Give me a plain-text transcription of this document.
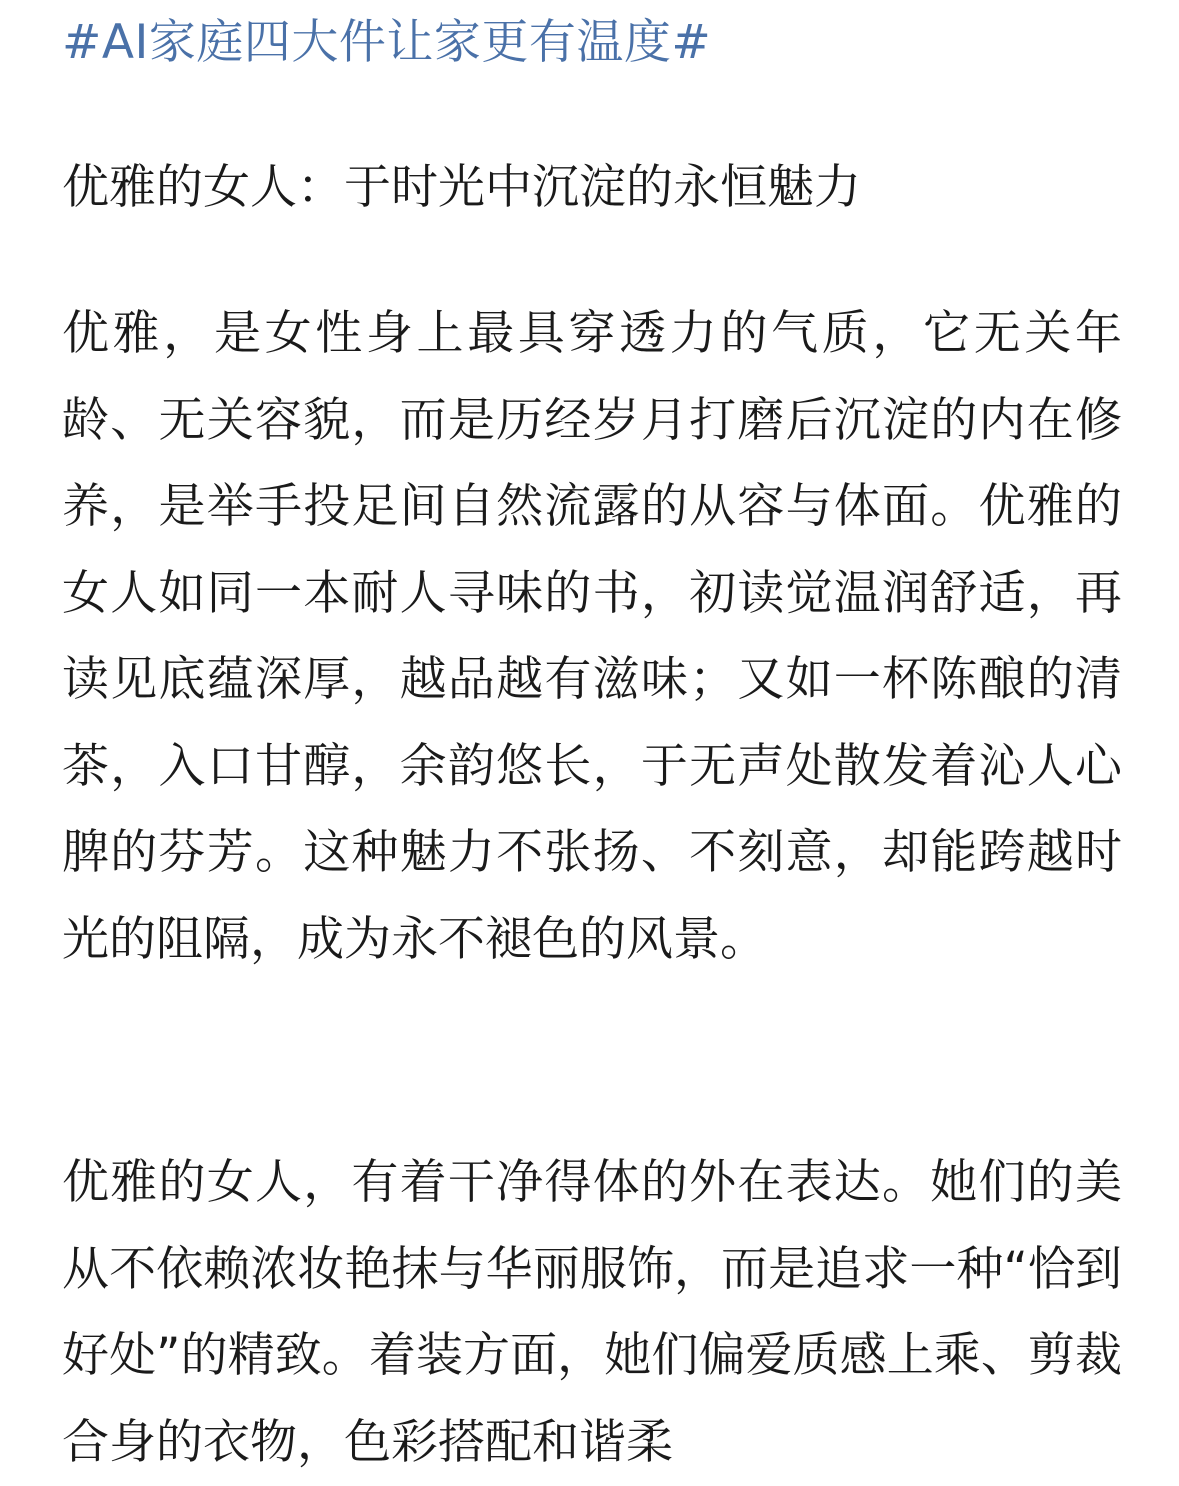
#AI家庭四大件让家更有温度#
优雅的女人：于时光中沉淀的永恒魅力

优雅，是女性身上最具穿透力的气质，它无关年龄、无关容貌，而是历经岁月打磨后沉淀的内在修养，是举手投足间自然流露的从容与体面。优雅的女人如同一本耐人寻味的书，初读觉温润舒适，再读见底蕴深厚，越品越有滋味；又如一杯陈酿的清茶，入口甘醇，余韵悠长，于无声处散发着沁人心脾的芬芳。这种魅力不张扬、不刻意，却能跨越时光的阻隔，成为永不褪色的风景。

优雅的女人，有着干净得体的外在表达。她们的美从不依赖浓妆艳抹与华丽服饰，而是追求一种“恰到好处”的精致。着装方面，她们偏爱质感上乘、剪裁合身的衣物，色彩搭配和谐柔
